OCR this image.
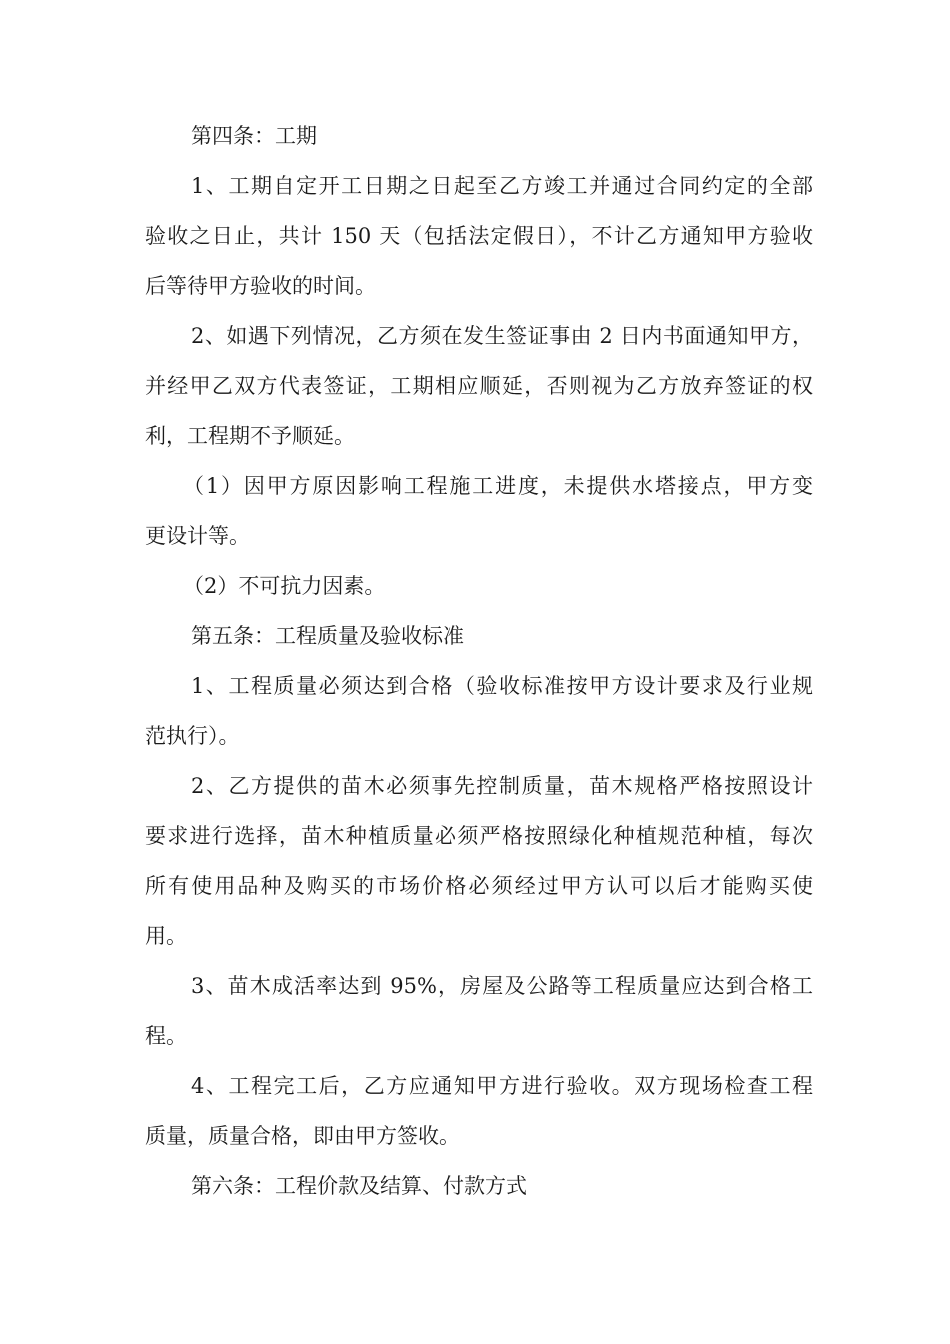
第四条：工期
1、工期自定开工日期之日起至乙方竣工并通过合同约定的全部
验收之日止，共计 150 天（包括法定假日），不计乙方通知甲方验收
后等待甲方验收的时间。
2、如遇下列情况，乙方须在发生签证事由 2 日内书面通知甲方，
并经甲乙双方代表签证，工期相应顺延，否则视为乙方放弃签证的权
利，工程期不予顺延。
（1）因甲方原因影响工程施工进度，未提供水塔接点，甲方变
更设计等。
（2）不可抗力因素。
第五条：工程质量及验收标准
1、工程质量必须达到合格（验收标准按甲方设计要求及行业规
范执行）。
2、乙方提供的苗木必须事先控制质量，苗木规格严格按照设计
要求进行选择，苗木种植质量必须严格按照绿化种植规范种植，每次
所有使用品种及购买的市场价格必须经过甲方认可以后才能购买使
用。
3、苗木成活率达到 95%，房屋及公路等工程质量应达到合格工
程。
4、工程完工后，乙方应通知甲方进行验收。双方现场检查工程
质量，质量合格，即由甲方签收。
第六条：工程价款及结算、付款方式
